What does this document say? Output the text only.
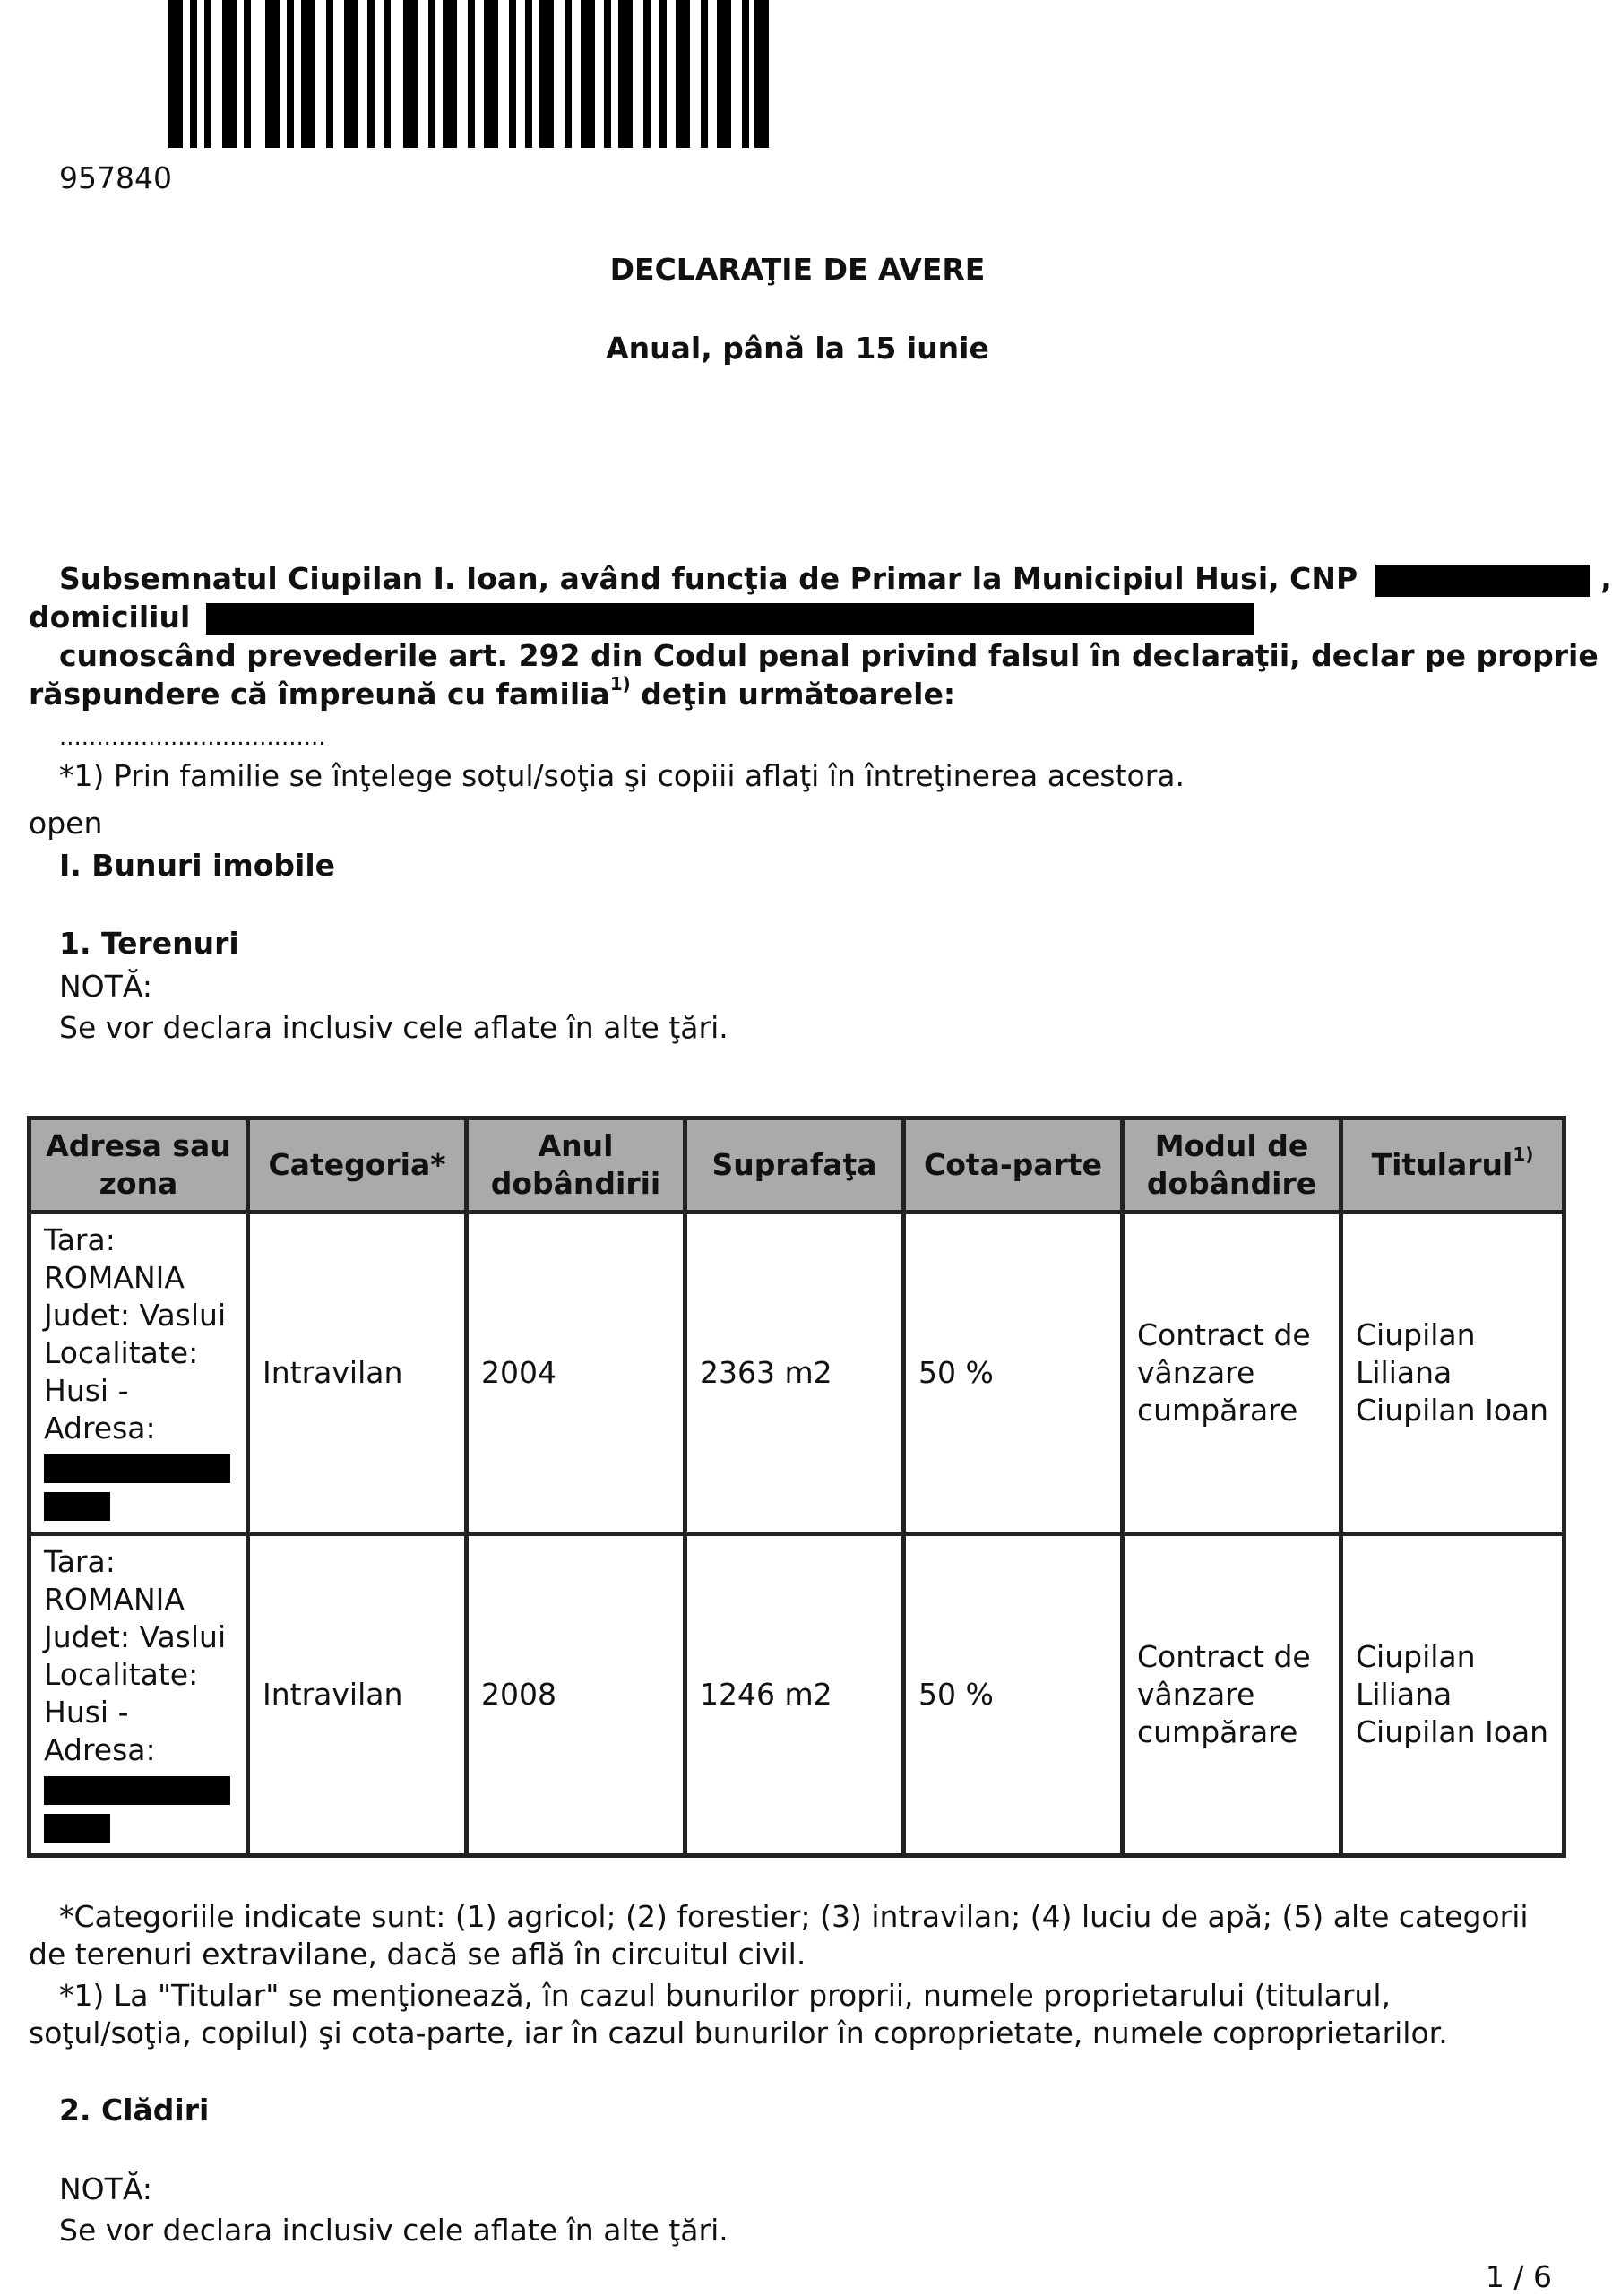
957840
DECLARAŢIE DE AVERE
Anual, până la 15 iunie
Subsemnatul Ciupilan I. Ioan, având funcţia de Primar la Municipiul Husi, CNP	,
domiciliul
cunoscând prevederile art. 292 din Codul penal privind falsul în declaraţii, declar pe proprie
răspundere că împreună cu familia$^{1)}$ deţin următoarele:
....................................
*1) Prin familie se înţelege soţul/soţia şi copiii aflaţi în întreţinerea acestora.
open
I. Bunuri imobile
1. Terenuri
NOTĂ:
Se vor declara inclusiv cele aflate în alte ţări.
Adresa sau zona	Categoria*	Anul dobândirii	Suprafaţa	Cota-parte	Modul de dobândire	Titularul$^{1)}$
Tara: ROMANIA Judet: Vaslui Localitate: Husi - Adresa:	Intravilan	2004	2363 m2	50 %	Contract de vânzare cumpărare	Ciupilan Liliana Ciupilan Ioan
Tara: ROMANIA Judet: Vaslui Localitate: Husi - Adresa:	Intravilan	2008	1246 m2	50 %	Contract de vânzare cumpărare	Ciupilan Liliana Ciupilan Ioan
*Categoriile indicate sunt: (1) agricol; (2) forestier; (3) intravilan; (4) luciu de apă; (5) alte categorii de terenuri extravilane, dacă se află în circuitul civil.
*1) La "Titular" se menţionează, în cazul bunurilor proprii, numele proprietarului (titularul, soţul/soţia, copilul) şi cota-parte, iar în cazul bunurilor în coproprietate, numele coproprietarilor.
2. Clădiri
NOTĂ:
Se vor declara inclusiv cele aflate în alte ţări.
1 / 6
